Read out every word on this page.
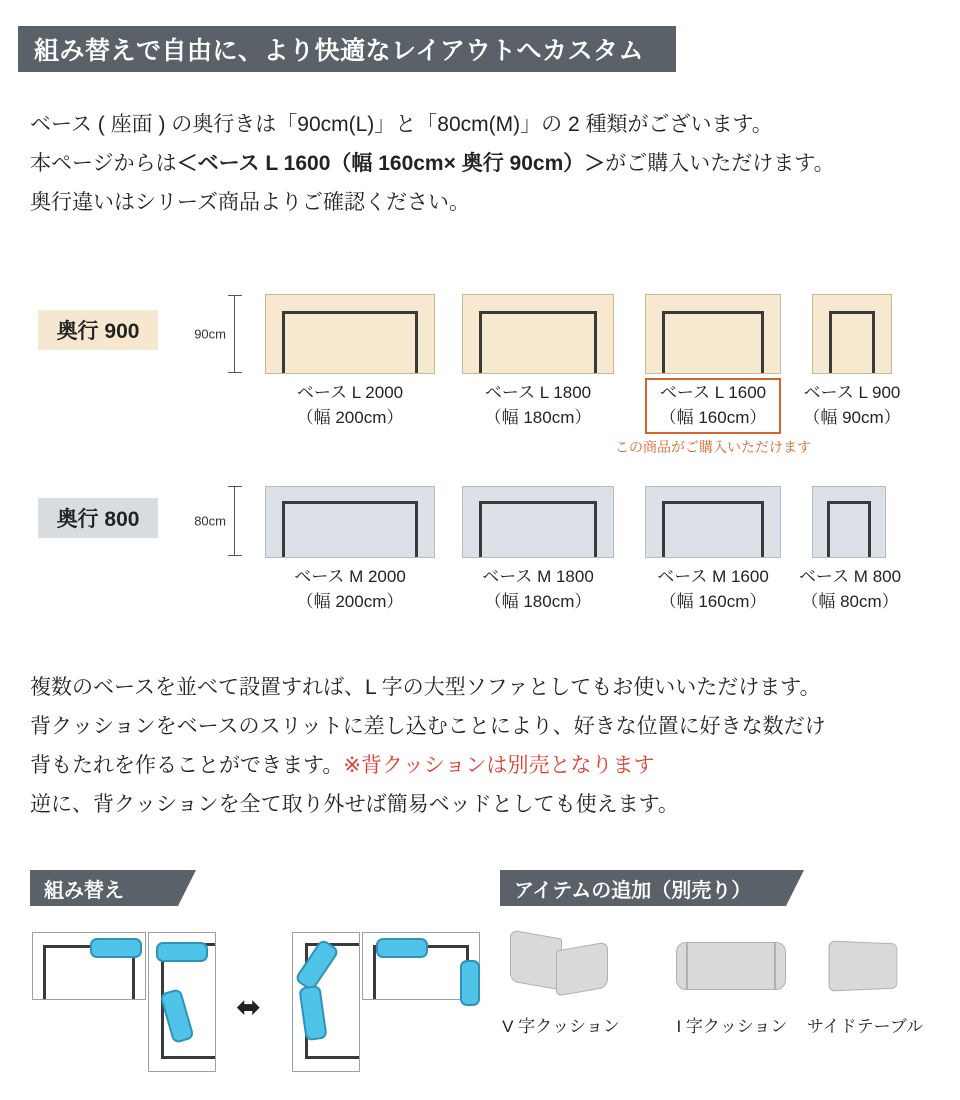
組み替えで自由に、より快適なレイアウトへカスタム
ベース ( 座面 ) の奥行きは「90cm(L)」と「80cm(M)」の 2 種類がございます。
本ページからは＜ベース L 1600（幅 160cm× 奥行 90cm）＞がご購入いただけます。
奥行違いはシリーズ商品よりご確認ください。
奥行 900	90cm
ベース L 2000
（幅 200cm）
ベース L 1800
（幅 180cm）
ベース L 1600
（幅 160cm）
この商品がご購入いただけます
ベース L 900
（幅 90cm）
奥行 800	80cm
ベース M 2000
（幅 200cm）
ベース M 1800
（幅 180cm）
ベース M 1600
（幅 160cm）
ベース M 800
（幅 80cm）
複数のベースを並べて設置すれば、L 字の大型ソファとしてもお使いいただけます。
背クッションをベースのスリットに差し込むことにより、好きな位置に好きな数だけ
背もたれを作ることができます。※背クッションは別売となります
逆に、背クッションを全て取り外せば簡易ベッドとしても使えます。
組み替え	アイテムの追加（別売り）
⬌
V 字クッション	I 字クッション	サイドテーブル
